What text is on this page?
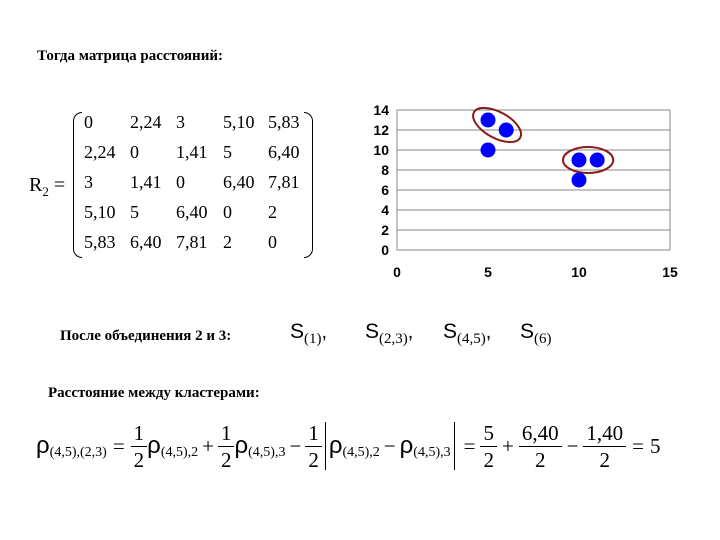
Тогда матрица расстояний:
$R_2$ =
0 2,24 3 5,10 5,83
2,24 0 1,41 5 6,40
3 1,41 0 6,40 7,81
5,10 5 6,40 0 2
5,83 6,40 7,81 2 0	0
2
4
6
8
10
12
14
0	5	10	15
После объединения 2 и 3:	$S_{(1)}$, $S_{(2,3)}$, $S_{(4,5)}$, $S_{(6)}$
Расстояние между кластерами:
ρ $(4,5),(2,3) = \frac{1}{2}$ ρ $(4,5),2 + \frac{1}{2}$ ρ $(4,5),3 - \frac{1}{2}$ ρ (4,5),2 − ρ $(4,5),3 = \frac{5}{2} + \frac{6,40}{2} - \frac{1,40}{2} = 5$
